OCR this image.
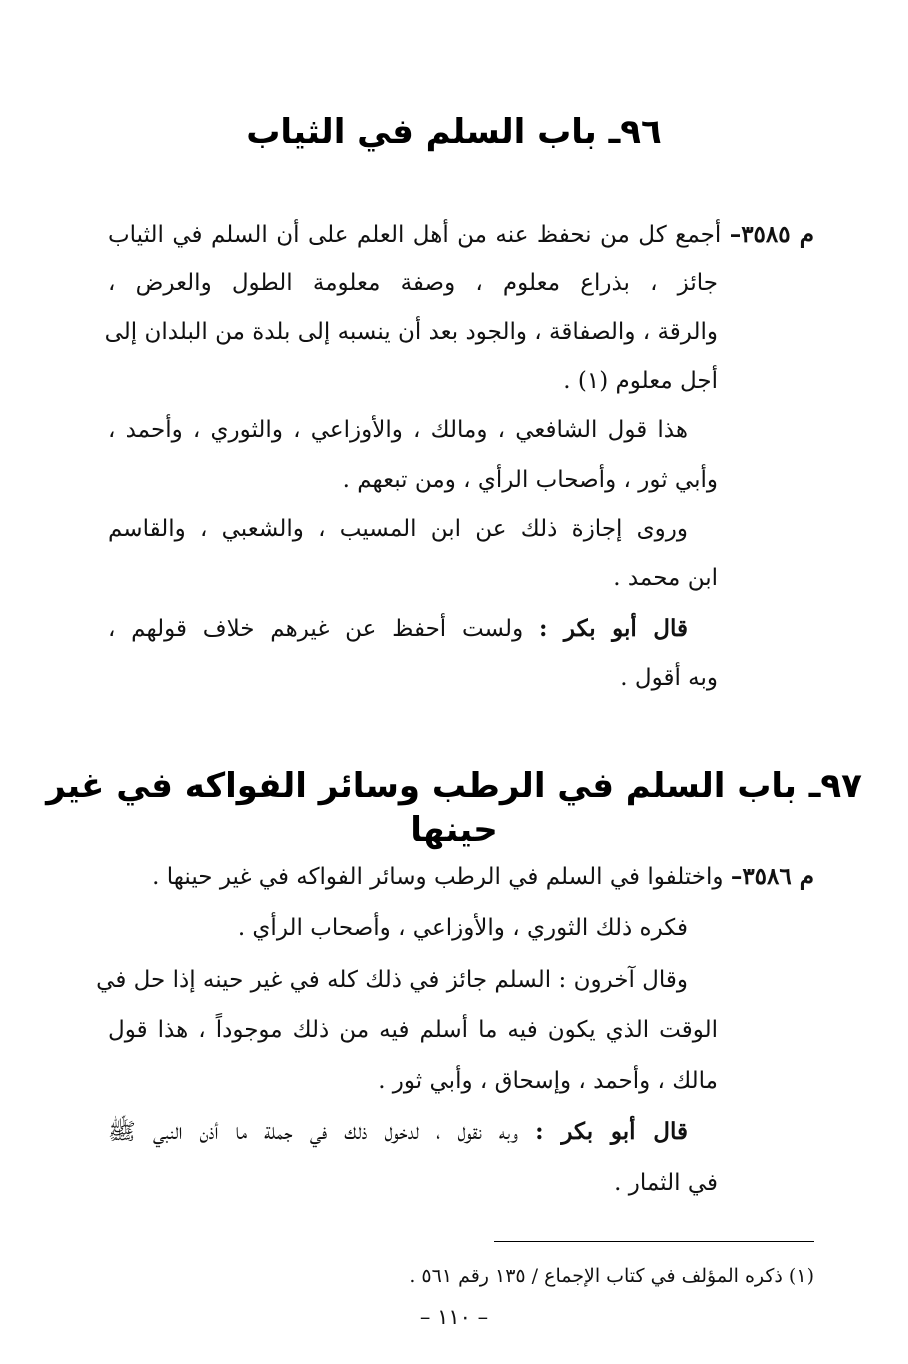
٩٦ـ باب السلم في الثياب
م ٣٥٨٥– أجمع كل من نحفظ عنه من أهل العلم على أن السلم في الثياب
جائز ، بذراع معلوم ، وصفة معلومة الطول والعرض ،
والرقة ، والصفاقة ، والجود بعد أن ينسبه إلى بلدة من البلدان إلى
أجل معلوم (١) .
هذا قول الشافعي ، ومالك ، والأوزاعي ، والثوري ، وأحمد ،
وأبي ثور ، وأصحاب الرأي ، ومن تبعهم .
وروى إجازة ذلك عن ابن المسيب ، والشعبي ، والقاسم
ابن محمد .
قال أبو بكر : ولست أحفظ عن غيرهم خلاف قولهم ،
وبه أقول .
٩٧ـ باب السلم في الرطب وسائر الفواكه في غير حينها
م ٣٥٨٦– واختلفوا في السلم في الرطب وسائر الفواكه في غير حينها .
فكره ذلك الثوري ، والأوزاعي ، وأصحاب الرأي .
وقال آخرون : السلم جائز في ذلك كله في غير حينه إذا حل في
الوقت الذي يكون فيه ما أسلم فيه من ذلك موجوداً ، هذا قول
مالك ، وأحمد ، وإسحاق ، وأبي ثور .
قال أبو بكر : وبه نقول ، لدخول ذلك في جملة ما أذن النبي ﷺ
في الثمار .
(١) ذكره المؤلف في كتاب الإجماع / ١٣٥ رقم ٥٦١ .
– ١١٠ –
